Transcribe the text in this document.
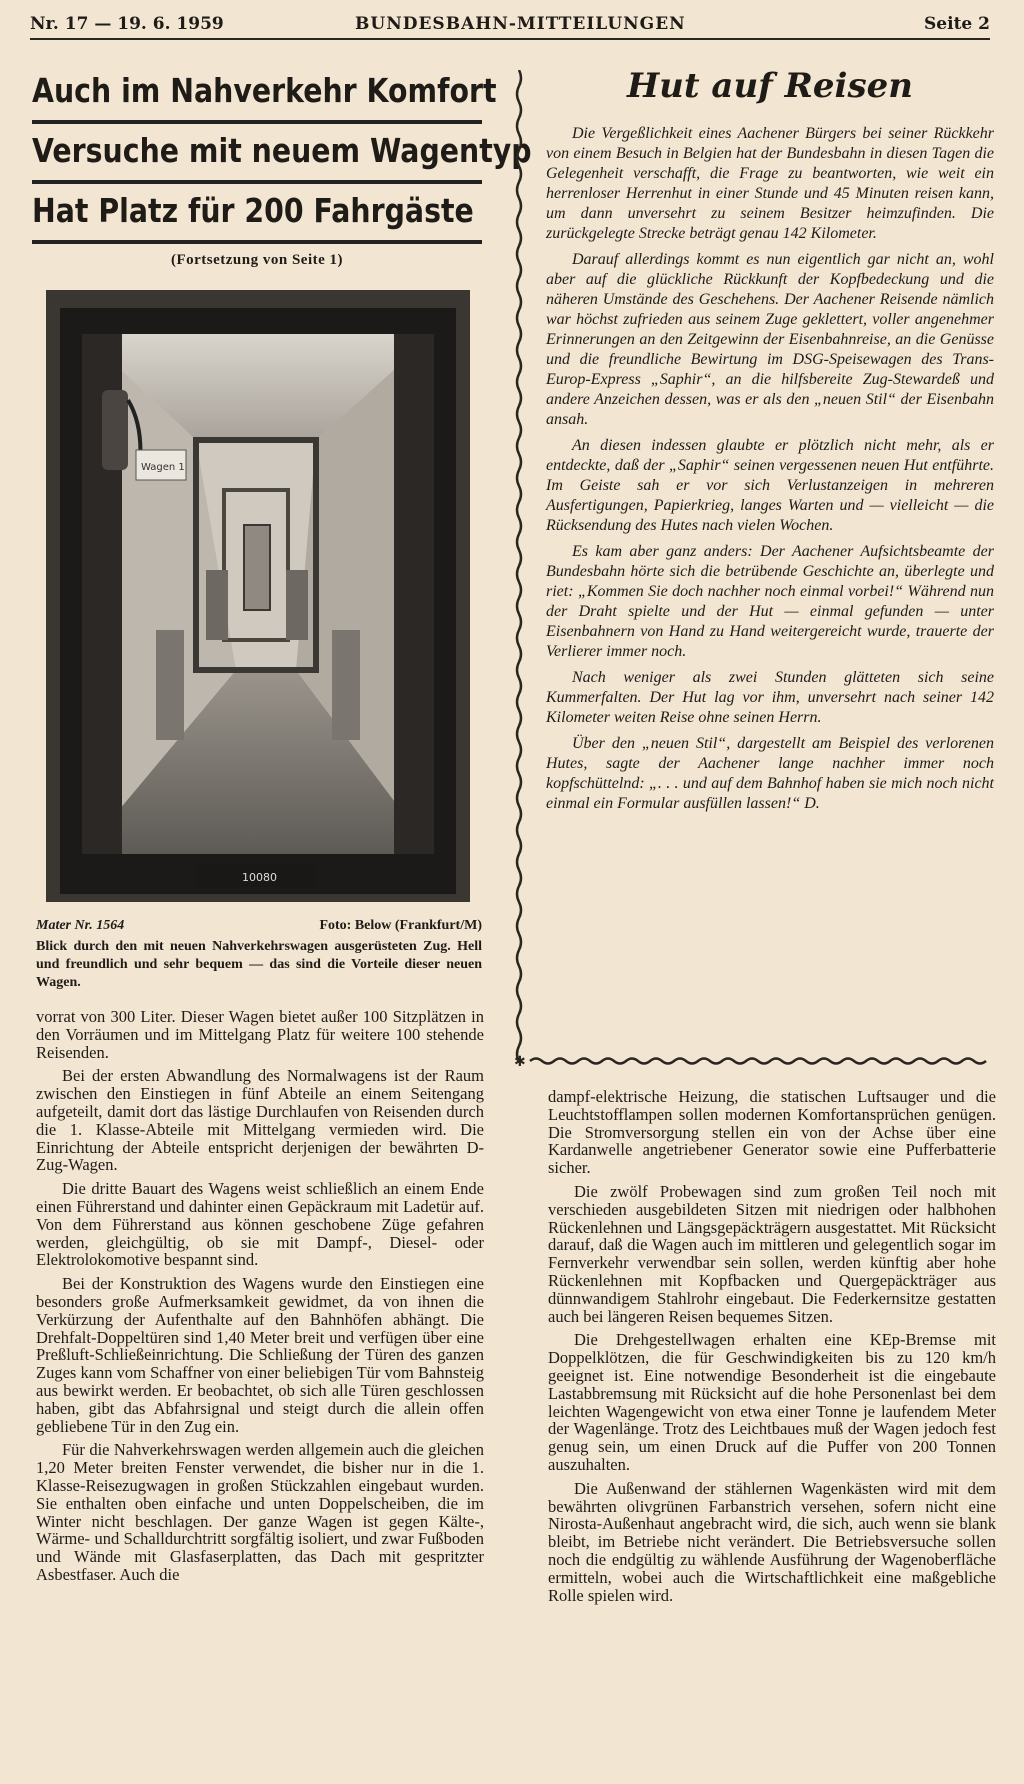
Nr. 17 — 19. 6. 1959	BUNDESBAHN-MITTEILUNGEN	Seite 2
Auch im Nahverkehr Komfort
Versuche mit neuem Wagentyp
Hat Platz für 200 Fahrgäste
(Fortsetzung von Seite 1)
Wagen 1
10080
Mater Nr. 1564	Foto: Below (Frankfurt/M)
Blick durch den mit neuen Nahverkehrswagen ausgerüsteten Zug. Hell und freundlich und sehr bequem — das sind die Vorteile dieser neuen Wagen.

vorrat von 300 Liter. Dieser Wagen bietet außer 100 Sitzplätzen in den Vorräumen und im Mittelgang Platz für weitere 100 stehende Reisenden.

Bei der ersten Abwandlung des Normalwagens ist der Raum zwischen den Einstiegen in fünf Abteile an einem Seitengang aufgeteilt, damit dort das lästige Durchlaufen von Reisenden durch die 1. Klasse-Abteile mit Mittelgang vermieden wird. Die Einrichtung der Abteile entspricht derjenigen der bewährten D-Zug-Wagen.

Die dritte Bauart des Wagens weist schließlich an einem Ende einen Führerstand und dahinter einen Gepäckraum mit Ladetür auf. Von dem Führerstand aus können geschobene Züge gefahren werden, gleichgültig, ob sie mit Dampf-, Diesel- oder Elektrolokomotive bespannt sind.

Bei der Konstruktion des Wagens wurde den Einstiegen eine besonders große Aufmerksamkeit gewidmet, da von ihnen die Verkürzung der Aufenthalte auf den Bahnhöfen abhängt. Die Drehfalt-Doppeltüren sind 1,40 Meter breit und verfügen über eine Preßluft-Schließeinrichtung. Die Schließung der Türen des ganzen Zuges kann vom Schaffner von einer beliebigen Tür vom Bahnsteig aus bewirkt werden. Er beobachtet, ob sich alle Türen geschlossen haben, gibt das Abfahrsignal und steigt durch die allein offen gebliebene Tür in den Zug ein.

Für die Nahverkehrswagen werden allgemein auch die gleichen 1,20 Meter breiten Fenster verwendet, die bisher nur in die 1. Klasse-Reisezugwagen in großen Stückzahlen eingebaut wurden. Sie enthalten oben einfache und unten Doppelscheiben, die im Winter nicht beschlagen. Der ganze Wagen ist gegen Kälte-, Wärme- und Schalldurchtritt sorgfältig isoliert, und zwar Fußboden und Wände mit Glasfaserplatten, das Dach mit gespritzter Asbestfaser. Auch die

Hut auf Reisen

Die Vergeßlichkeit eines Aachener Bürgers bei seiner Rückkehr von einem Besuch in Belgien hat der Bundesbahn in diesen Tagen die Gelegenheit verschafft, die Frage zu beantworten, wie weit ein herrenloser Herrenhut in einer Stunde und 45 Minuten reisen kann, um dann unversehrt zu seinem Besitzer heimzufinden. Die zurückgelegte Strecke beträgt genau 142 Kilometer.

Darauf allerdings kommt es nun eigentlich gar nicht an, wohl aber auf die glückliche Rückkunft der Kopfbedeckung und die näheren Umstände des Geschehens. Der Aachener Reisende nämlich war höchst zufrieden aus seinem Zuge geklettert, voller angenehmer Erinnerungen an den Zeitgewinn der Eisenbahnreise, an die Genüsse und die freundliche Bewirtung im DSG-Speisewagen des Trans-Europ-Express „Saphir“, an die hilfsbereite Zug-Stewardeß und andere Anzeichen dessen, was er als den „neuen Stil“ der Eisenbahn ansah.

An diesen indessen glaubte er plötzlich nicht mehr, als er entdeckte, daß der „Saphir“ seinen vergessenen neuen Hut entführte. Im Geiste sah er vor sich Verlustanzeigen in mehreren Ausfertigungen, Papierkrieg, langes Warten und — vielleicht — die Rücksendung des Hutes nach vielen Wochen.

Es kam aber ganz anders: Der Aachener Aufsichtsbeamte der Bundesbahn hörte sich die betrübende Geschichte an, überlegte und riet: „Kommen Sie doch nachher noch einmal vorbei!“ Während nun der Draht spielte und der Hut — einmal gefunden — unter Eisenbahnern von Hand zu Hand weitergereicht wurde, trauerte der Verlierer immer noch.

Nach weniger als zwei Stunden glätteten sich seine Kummerfalten. Der Hut lag vor ihm, unversehrt nach seiner 142 Kilometer weiten Reise ohne seinen Herrn.

Über den „neuen Stil“, dargestellt am Beispiel des verlorenen Hutes, sagte der Aachener lange nachher immer noch kopfschüttelnd: „. . . und auf dem Bahnhof haben sie mich noch nicht einmal ein Formular ausfüllen lassen!“ D.

✱

dampf-elektrische Heizung, die statischen Luftsauger und die Leuchtstofflampen sollen modernen Komfortansprüchen genügen. Die Stromversorgung stellen ein von der Achse über eine Kardanwelle angetriebener Generator sowie eine Pufferbatterie sicher.

Die zwölf Probewagen sind zum großen Teil noch mit verschieden ausgebildeten Sitzen mit niedrigen oder halbhohen Rückenlehnen und Längsgepäckträgern ausgestattet. Mit Rücksicht darauf, daß die Wagen auch im mittleren und gelegentlich sogar im Fernverkehr verwendbar sein sollen, werden künftig aber hohe Rückenlehnen mit Kopfbacken und Quergepäckträger aus dünnwandigem Stahlrohr eingebaut. Die Federkernsitze gestatten auch bei längeren Reisen bequemes Sitzen.

Die Drehgestellwagen erhalten eine KEp-Bremse mit Doppelklötzen, die für Geschwindigkeiten bis zu 120 km/h geeignet ist. Eine notwendige Besonderheit ist die eingebaute Lastabbremsung mit Rücksicht auf die hohe Personenlast bei dem leichten Wagengewicht von etwa einer Tonne je laufendem Meter der Wagenlänge. Trotz des Leichtbaues muß der Wagen jedoch fest genug sein, um einen Druck auf die Puffer von 200 Tonnen auszuhalten.

Die Außenwand der stählernen Wagenkästen wird mit dem bewährten olivgrünen Farbanstrich versehen, sofern nicht eine Nirosta-Außenhaut angebracht wird, die sich, auch wenn sie blank bleibt, im Betriebe nicht verändert. Die Betriebsversuche sollen noch die endgültig zu wählende Ausführung der Wagenoberfläche ermitteln, wobei auch die Wirtschaftlichkeit eine maßgebliche Rolle spielen wird.
